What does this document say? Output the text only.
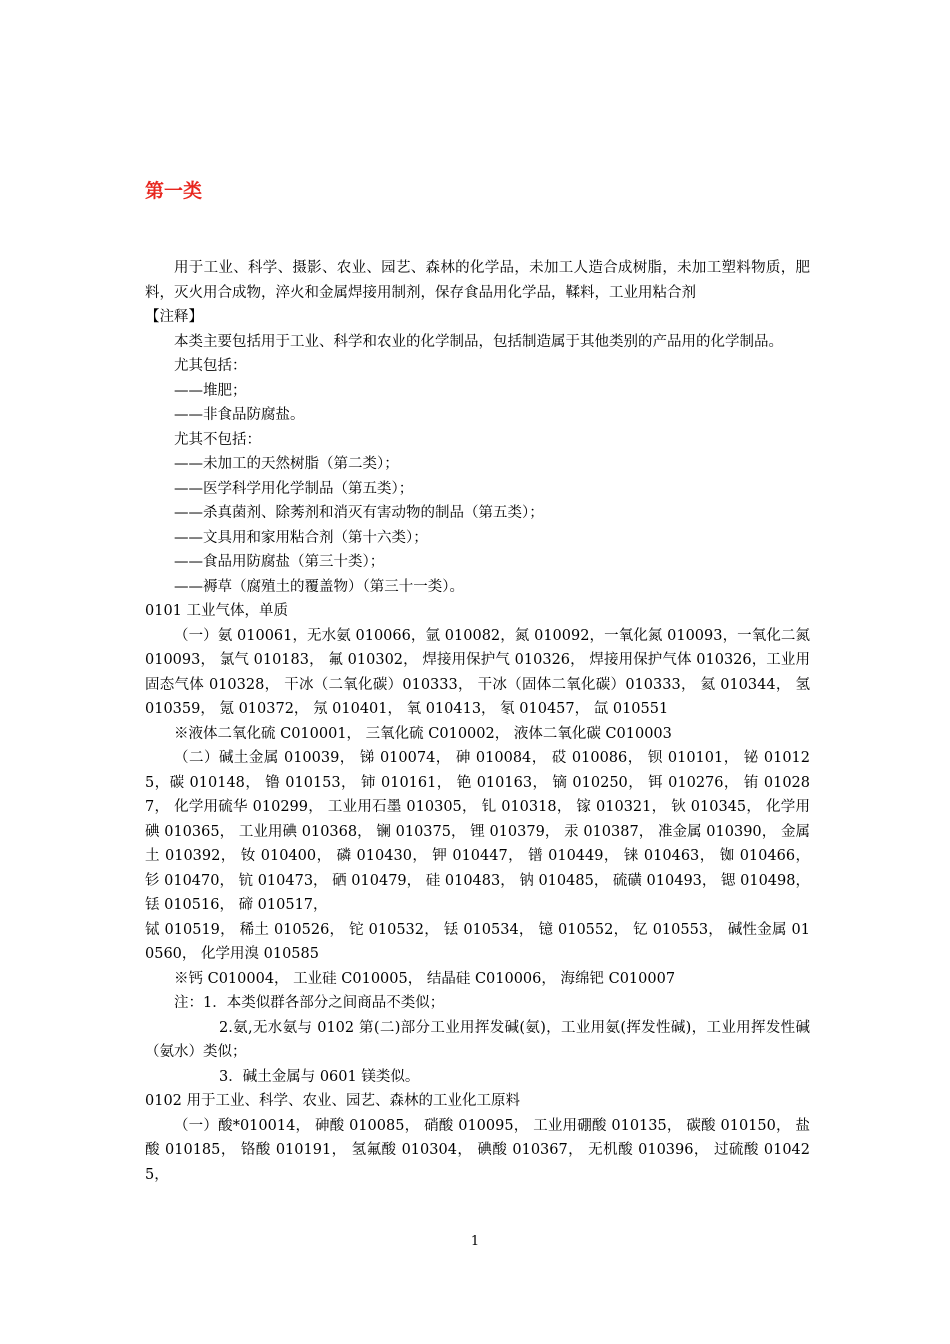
第一类

用于工业、科学、摄影、农业、园艺、森林的化学品，未加工人造合成树脂，未加工塑料物质，肥料，灭火用合成物，淬火和金属焊接用制剂，保存食品用化学品，鞣料，工业用粘合剂

【注释】

本类主要包括用于工业、科学和农业的化学制品，包括制造属于其他类别的产品用的化学制品。

尤其包括：

——堆肥；

——非食品防腐盐。

尤其不包括：

——未加工的天然树脂（第二类）；

——医学科学用化学制品（第五类）；

——杀真菌剂、除莠剂和消灭有害动物的制品（第五类）；

——文具用和家用粘合剂（第十六类）；

——食品用防腐盐（第三十类）；

——褥草（腐殖土的覆盖物）（第三十一类）。

0101 工业气体，单质

（一）氨 010061，无水氨 010066，氩 010082，氮 010092，一氧化氮 010093，一氧化二氮 010093， 氯气 010183， 氟 010302， 焊接用保护气 010326， 焊接用保护气体 010326，工业用固态气体 010328， 干冰（二氧化碳）010333， 干冰（固体二氧化碳）010333， 氦 010344， 氢 010359， 氪 010372， 氖 010401， 氧 010413， 氡 010457， 氙 010551

※液体二氧化硫 C010001， 三氧化硫 C010002， 液体二氧化碳 C010003

（二）碱土金属 010039， 锑 010074， 砷 010084， 砹 010086， 钡 010101， 铋 010125，碳 010148， 镥 010153， 铈 010161， 铯 010163， 镝 010250， 铒 010276， 铕 010287， 化学用硫华 010299， 工业用石墨 010305， 钆 010318， 镓 010321， 钬 010345， 化学用碘 010365， 工业用碘 010368， 镧 010375， 锂 010379， 汞 010387， 准金属 010390， 金属土 010392， 钕 010400， 磷 010430， 钾 010447， 镨 010449， 铼 010463， 铷 010466， 钐 010470， 钪 010473， 硒 010479， 硅 010483， 钠 010485， 硫磺 010493， 锶 010498， 铥 010516， 碲 010517，

铽 010519， 稀土 010526， 铊 010532， 铥 010534， 镱 010552， 钇 010553， 碱性金属 010560， 化学用溴 010585

※钙 C010004， 工业硅 C010005， 结晶硅 C010006， 海绵钯 C010007

注：1．本类似群各部分之间商品不类似；

2.氨,无水氨与 0102 第(二)部分工业用挥发碱(氨)，工业用氨(挥发性碱)，工业用挥发性碱（氨水）类似；

3．碱土金属与 0601 镁类似。

0102 用于工业、科学、农业、园艺、森林的工业化工原料

（一）酸*010014， 砷酸 010085， 硝酸 010095， 工业用硼酸 010135， 碳酸 010150， 盐酸 010185， 铬酸 010191， 氢氟酸 010304， 碘酸 010367， 无机酸 010396， 过硫酸 010425，

1
